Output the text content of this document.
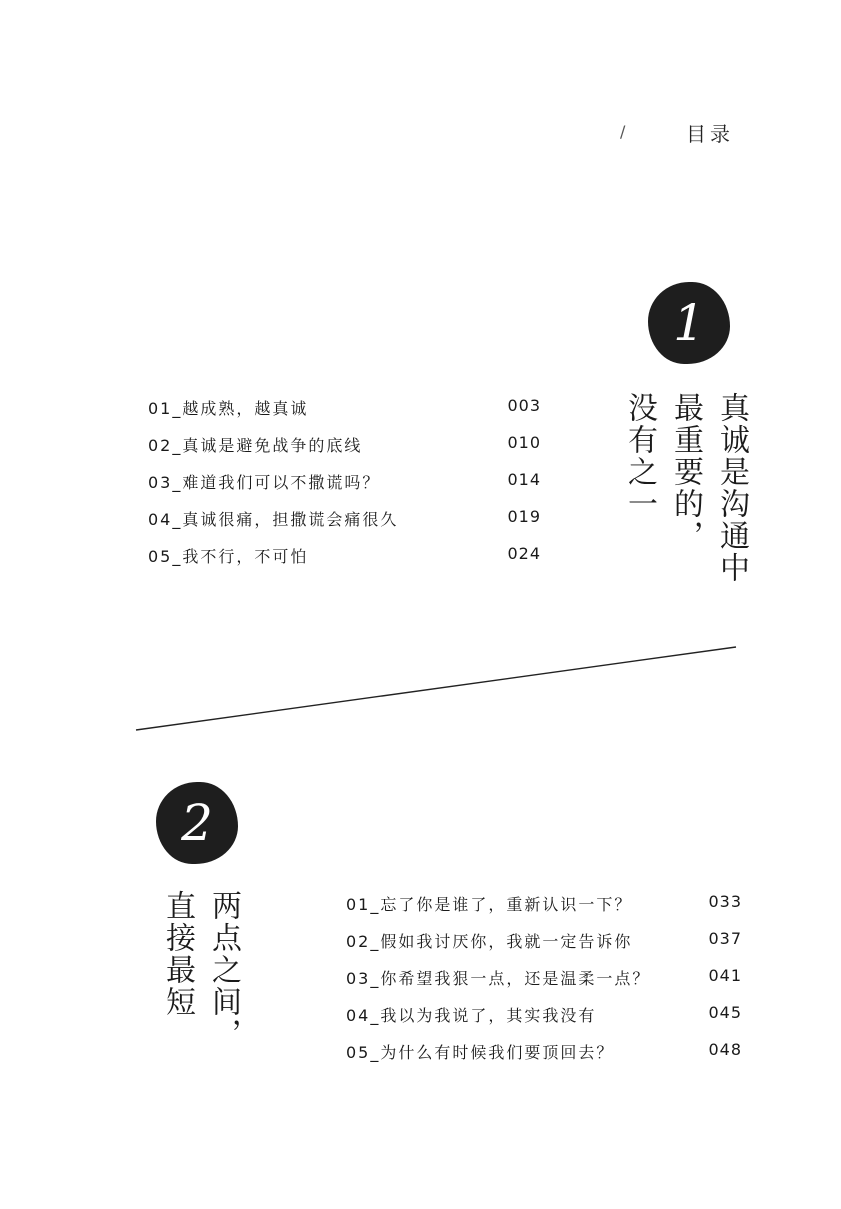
/	目录
1
01_越成熟，越真诚	003
02_真诚是避免战争的底线	010
03_难道我们可以不撒谎吗？	014
04_真诚很痛，担撒谎会痛很久	019
05_我不行，不可怕	024	真诚是沟通中
最重要的，
没有之一
2
两点之间，
直接最短	01_忘了你是谁了，重新认识一下？	033
02_假如我讨厌你，我就一定告诉你	037
03_你希望我狠一点，还是温柔一点？	041
04_我以为我说了，其实我没有	045
05_为什么有时候我们要顶回去？	048
